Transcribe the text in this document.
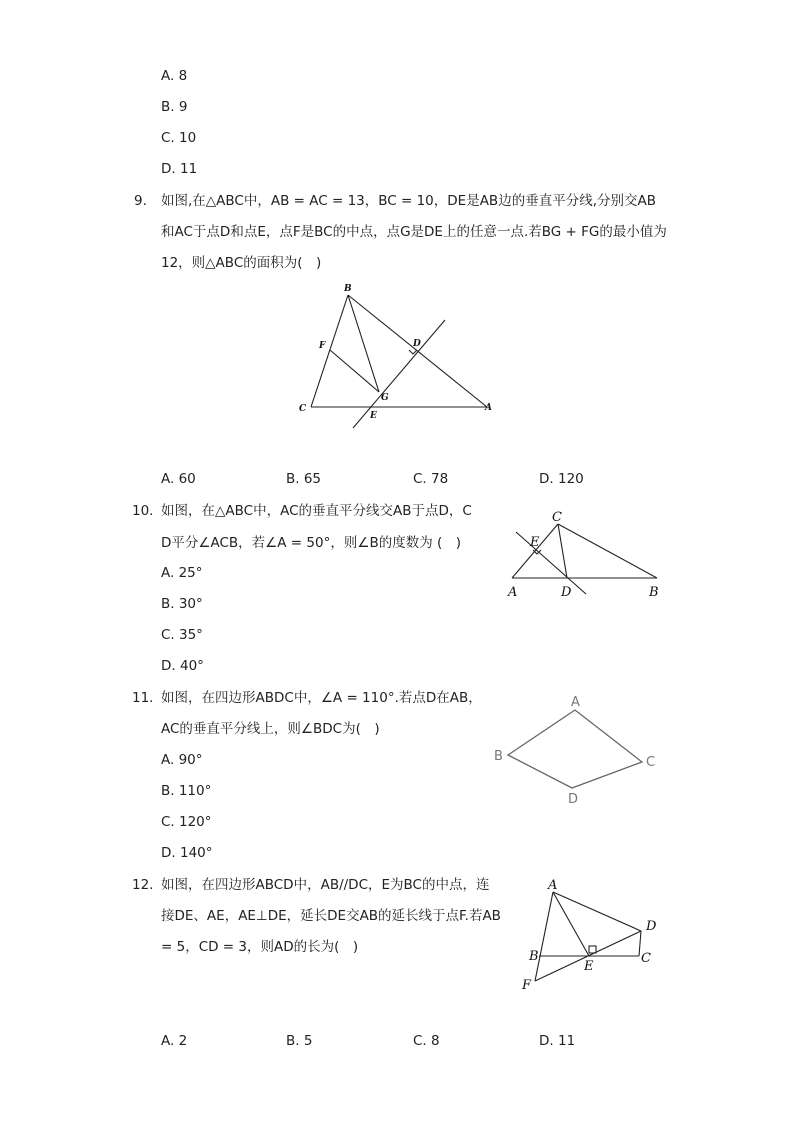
A. 8
B. 9
C. 10
D. 11
9. 如图,在△ABC中，AB = AC = 13，BC = 10，DE是AB边的垂直平分线,分别交AB
和AC于点D和点E，点F是BC的中点，点G是DE上的任意一点.若BG + FG的最小值为
12，则△ABC的面积为(　)
B
D
F
G
C
E
A
A. 60	B. 65	C. 78	D. 120
10. 如图，在△ABC中，AC的垂直平分线交AB于点D，C
D平分∠ACB，若∠A = 50°，则∠B的度数为 (　)
A. 25°
B. 30°
C. 35°
D. 40°
C
E
A	D	B
11. 如图，在四边形ABDC中，∠A = 110°.若点D在AB，
AC的垂直平分线上，则∠BDC为(　)
A. 90°
B. 110°
C. 120°
D. 140°
A
B	C
D
12. 如图，在四边形ABCD中，AB//DC，E为BC的中点，连
接DE、AE，AE⊥DE，延长DE交AB的延长线于点F.若AB
= 5，CD = 3，则AD的长为(　)
A
D
B
E
C
F
A. 2	B. 5	C. 8	D. 11
